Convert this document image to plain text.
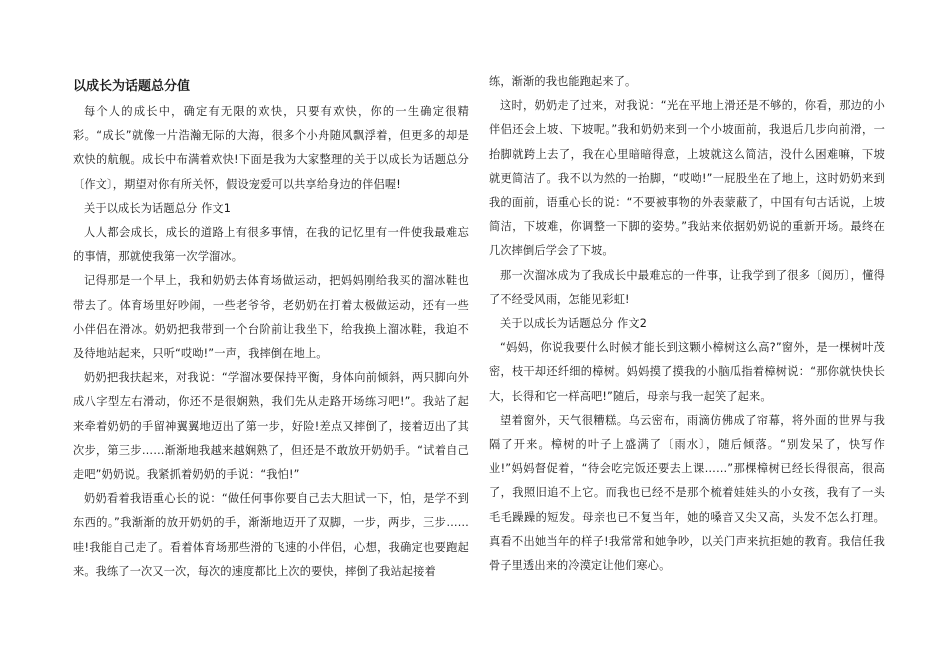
以成长为话题总分值

每个人的成长中，确定有无限的欢快，只要有欢快，你的一生确定很精彩。“成长”就像一片浩瀚无际的大海，很多个小舟随风飘浮着，但更多的却是欢快的航舰。成长中布满着欢快!下面是我为大家整理的关于以成长为话题总分〔作文〕，期望对你有所关怀，假设宠爱可以共享给身边的伴侣喔!

关于以成长为话题总分 作文1

人人都会成长，成长的道路上有很多事情，在我的记忆里有一件使我最难忘的事情，那就使我第一次学溜冰。

记得那是一个早上，我和奶奶去体育场做运动，把妈妈刚给我买的溜冰鞋也带去了。体育场里好吵闹，一些老爷爷，老奶奶在打着太极做运动，还有一些小伴侣在滑冰。奶奶把我带到一个台阶前让我坐下，给我换上溜冰鞋，我迫不及待地站起来，只听“哎呦!”一声，我摔倒在地上。

奶奶把我扶起来，对我说：“学溜冰要保持平衡，身体向前倾斜，两只脚向外成八字型左右滑动，你还不是很娴熟，我们先从走路开场练习吧!”。我站了起来牵着奶奶的手留神翼翼地迈出了第一步，好险!差点又摔倒了，接着迈出了其次步，第三步……渐渐地我越来越娴熟了，但还是不敢放开奶奶手。“试着自己走吧”奶奶说。我紧抓着奶奶的手说：“我怕!”

奶奶看着我语重心长的说：“做任何事你要自己去大胆试一下，怕，是学不到东西的。”我渐渐的放开奶奶的手，渐渐地迈开了双脚，一步，两步，三步……哇!我能自己走了。看着体育场那些滑的飞速的小伴侣，心想，我确定也要跑起来。我练了一次又一次，每次的速度都比上次的要快，摔倒了我站起接着

练，渐渐的我也能跑起来了。

这时，奶奶走了过来，对我说：“光在平地上滑还是不够的，你看，那边的小伴侣还会上坡、下坡呢。”我和奶奶来到一个小坡面前，我退后几步向前滑，一抬脚就跨上去了，我在心里暗暗得意，上坡就这么简洁，没什么困难嘛，下坡就更简洁了。我不以为然的一抬脚，“哎呦!”一屁股坐在了地上，这时奶奶来到我的面前，语重心长的说：“不要被事物的外表蒙蔽了，中国有句古话说，上坡简洁，下坡难，你调整一下脚的姿势。”我站来依据奶奶说的重新开场。最终在几次摔倒后学会了下坡。

那一次溜冰成为了我成长中最难忘的一件事，让我学到了很多〔阅历〕，懂得了不经受风雨，怎能见彩虹!

关于以成长为话题总分 作文2

“妈妈，你说我要什么时候才能长到这颗小樟树这么高?”窗外，是一棵树叶茂密，枝干却还纤细的樟树。妈妈摸了摸我的小脑瓜指着樟树说：“那你就快快长大，长得和它一样高吧!”随后，母亲与我一起笑了起来。

望着窗外，天气很糟糕。乌云密布，雨滴仿佛成了帘幕，将外面的世界与我隔了开来。樟树的叶子上盛满了〔雨水〕，随后倾落。“别发呆了，快写作业!”妈妈督促着，“待会吃完饭还要去上课……”那棵樟树已经长得很高，很高了，我照旧追不上它。而我也已经不是那个梳着娃娃头的小女孩，我有了一头毛毛躁躁的短发。母亲也已不复当年，她的嗓音又尖又高，头发不怎么打理。真看不出她当年的样子!我常常和她争吵，以关门声来抗拒她的教育。我信任我骨子里透出来的冷漠定让他们寒心。
